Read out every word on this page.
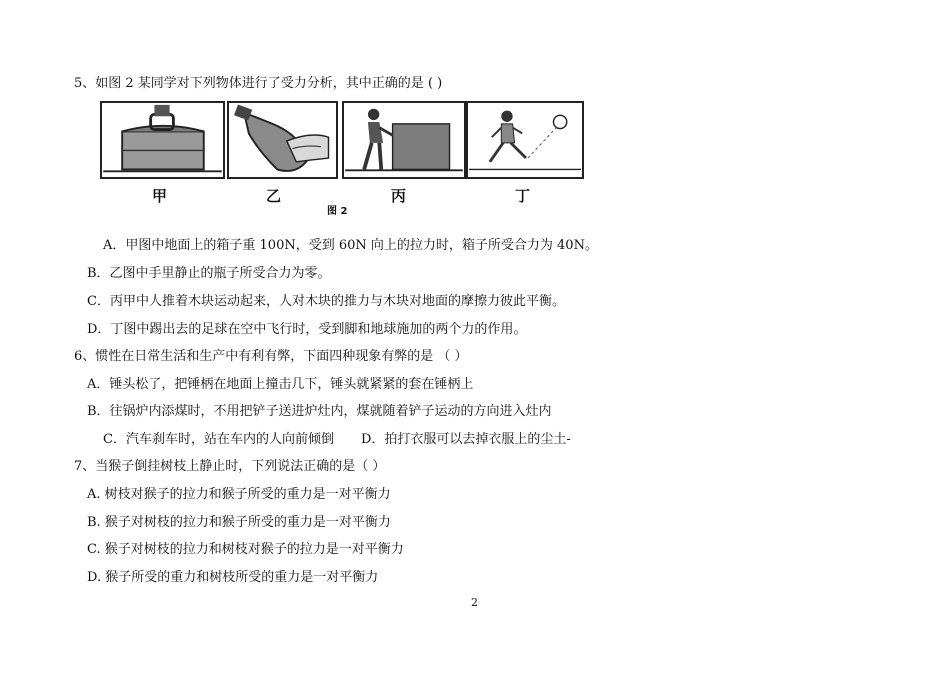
5、如图 2 某同学对下列物体进行了受力分析，其中正确的是 ( )
甲	乙	丙	丁
图 2
A．甲图中地面上的箱子重 100N，受到 60N 向上的拉力时，箱子所受合力为 40N。
B．乙图中手里静止的瓶子所受合力为零。
C．丙甲中人推着木块运动起来，人对木块的推力与木块对地面的摩擦力彼此平衡。
D．丁图中踢出去的足球在空中飞行时，受到脚和地球施加的两个力的作用。
6、惯性在日常生活和生产中有利有弊，下面四种现象有弊的是 （ ）
A．锤头松了，把锤柄在地面上撞击几下，锤头就紧紧的套在锤柄上
B．往锅炉内添煤时，不用把铲子送进炉灶内，煤就随着铲子运动的方向进入灶内
C．汽车刹车时，站在车内的人向前倾倒 D．拍打衣服可以去掉衣服上的尘土-
7、当猴子倒挂树枝上静止时，下列说法正确的是（ ）
A. 树枝对猴子的拉力和猴子所受的重力是一对平衡力
B. 猴子对树枝的拉力和猴子所受的重力是一对平衡力
C. 猴子对树枝的拉力和树枝对猴子的拉力是一对平衡力
D. 猴子所受的重力和树枝所受的重力是一对平衡力
2
